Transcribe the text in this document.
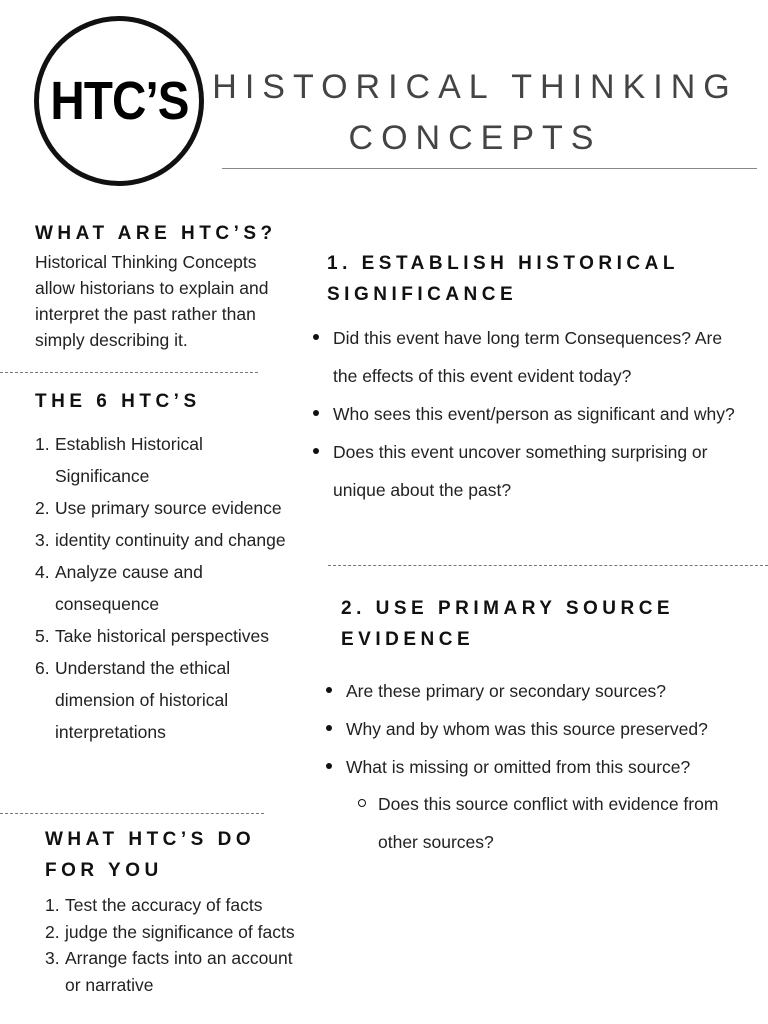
HTC’S HISTORICAL THINKING
CONCEPTS
WHAT ARE HTC’S?

Historical Thinking Concepts allow historians to explain and interpret the past rather than simply describing it.

THE 6 HTC’S
Establish Historical Significance
Use primary source evidence
identity continuity and change
Analyze cause and consequence
Take historical perspectives
Understand the ethical dimension of historical interpretations
WHAT HTC’S DO
FOR YOU
Test the accuracy of facts
judge the significance of facts
Arrange facts into an account or narrative
1. ESTABLISH HISTORICAL
SIGNIFICANCE
Did this event have long term Consequences? Are the effects of this event evident today?
Who sees this event/person as significant and why?
Does this event uncover something surprising or unique about the past?
2. USE PRIMARY SOURCE
EVIDENCE
Are these primary or secondary sources?
Why and by whom was this source preserved?
What is missing or omitted from this source?
Does this source conflict with evidence from other sources?
